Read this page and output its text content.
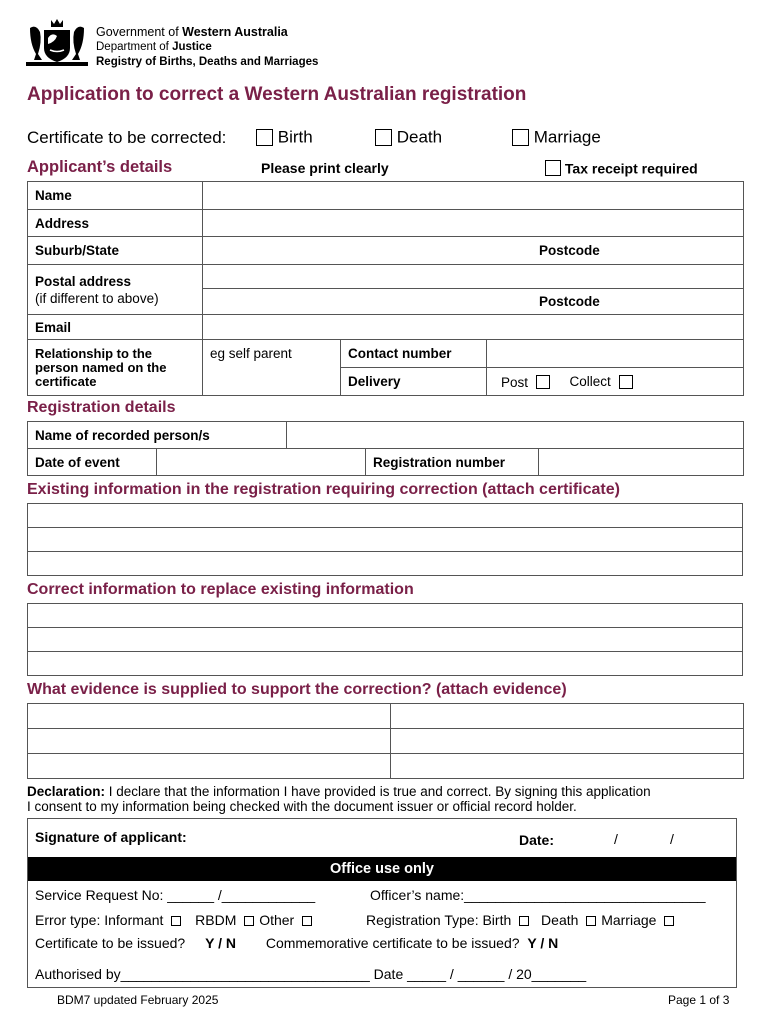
Government of Western Australia
Department of Justice
Registry of Births, Deaths and Marriages
Application to correct a Western Australian registration
Certificate to be corrected:	Birth	Death	Marriage
Applicant’s details	Please print clearly	Tax receipt required
Name			
Address			
Suburb/State	Postcode		

Postal address
(if different to above)			

	Postcode		

Email			
Relationship to the person named on the certificate	eg self parent	Contact number	
		Delivery	Post Collect
Registration details
Name of recorded person/s				
Date of event			Registration number	
Existing information in the registration requiring correction (attach certificate)
Correct information to replace existing information
What evidence is supplied to support the correction? (attach evidence)

Declaration: I declare that the information I have provided is true and correct. By signing this application
I consent to my information being checked with the document issuer or official record holder.
Signature of applicant:	Date:	/	/
Office use only
Service Request No: ______ /____________	Officer’s name:_______________________________
Error type: Informant RBDM Other	Registration Type: Birth Death Marriage
Certificate to be issued? Y / N Commemorative certificate to be issued? Y / N
Authorised by________________________________ Date _____ / ______ / 20_______
BDM7 updated February 2025	Page 1 of 3
